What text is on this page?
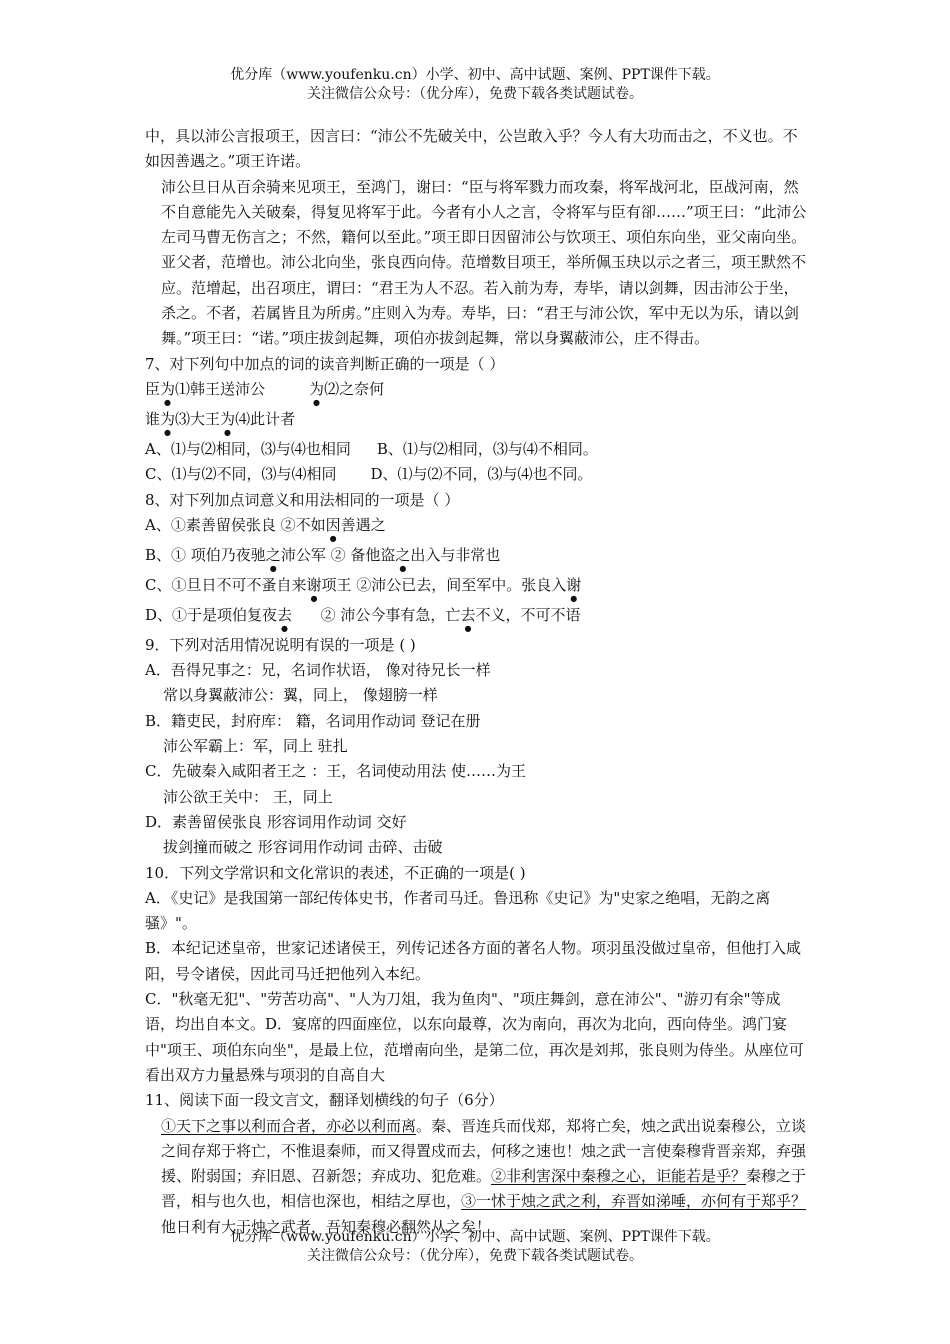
优分库（www.youfenku.cn）小学、初中、高中试题、案例、PPT课件下载。
关注微信公众号：（优分库），免费下载各类试题试卷。

中，具以沛公言报项王，因言曰：“沛公不先破关中，公岂敢入乎？今人有大功而击之，不义也。不如因善遇之。”项王许诺。

沛公旦日从百余骑来见项王，至鸿门，谢曰：“臣与将军戮力而攻秦，将军战河北，臣战河南，然不自意能先入关破秦，得复见将军于此。今者有小人之言，令将军与臣有卻……”项王曰：“此沛公左司马曹无伤言之；不然，籍何以至此。”项王即日因留沛公与饮项王、项伯东向坐，亚父南向坐。亚父者，范增也。沛公北向坐，张良西向侍。范增数目项王，举所佩玉玦以示之者三，项王默然不应。范增起，出召项庄，谓曰：“君王为人不忍。若入前为寿，寿毕，请以剑舞，因击沛公于坐，杀之。不者，若属皆且为所虏。”庄则入为寿。寿毕，曰：“君王与沛公饮，军中无以为乐，请以剑舞。”项王曰：“诺。”项庄拔剑起舞，项伯亦拔剑起舞，常以身翼蔽沛公，庄不得击。

7、对下列句中加点的词的读音判断正确的一项是（ ）

臣为⑴韩王送沛公	为⑵之奈何

谁为⑶大王为⑷此计者

A、⑴与⑵相同，⑶与⑷也相同 B、⑴与⑵相同，⑶与⑷不相同。

C、⑴与⑵不同，⑶与⑷相同 D、⑴与⑵不同，⑶与⑷也不同。

8、对下列加点词意义和用法相同的一项是（ ）

A、①素善留侯张良 ②不如因善遇之

B、① 项伯乃夜驰之沛公军 ② 备他盗之出入与非常也

C、①旦日不可不蚤自来谢项王 ②沛公已去，间至军中。张良入谢

D、①于是项伯复夜去      ② 沛公今事有急，亡去不义，不可不语

9．下列对活用情况说明有误的一项是 ( )

A．吾得兄事之：兄，名词作状语， 像对待兄长一样

常以身翼蔽沛公：翼，同上， 像翅膀一样

B．籍吏民，封府库： 籍，名词用作动词 登记在册

沛公军霸上：军，同上 驻扎

C．先破秦入咸阳者王之 ：王，名词使动用法 使……为王

沛公欲王关中： 王，同上

D．素善留侯张良 形容词用作动词 交好

拔剑撞而破之 形容词用作动词 击碎、击破

10．下列文学常识和文化常识的表述，不正确的一项是( )

A．《史记》是我国第一部纪传体史书，作者司马迁。鲁迅称《史记》为"史家之绝唱，无韵之离骚》"。

B．本纪记述皇帝，世家记述诸侯王，列传记述各方面的著名人物。项羽虽没做过皇帝，但他打入咸阳，号令诸侯，因此司马迁把他列入本纪。

C．"秋毫无犯"、"劳苦功高"、"人为刀俎，我为鱼肉"、"项庄舞剑，意在沛公"、"游刃有余"等成语，均出自本文。D．宴席的四面座位，以东向最尊，次为南向，再次为北向，西向侍坐。鸿门宴中"项王、项伯东向坐"，是最上位，范增南向坐，是第二位，再次是刘邦，张良则为侍坐。从座位可看出双方力量悬殊与项羽的自高自大

11、阅读下面一段文言文，翻译划横线的句子（6分）

①天下之事以利而合者，亦必以利而离。秦、晋连兵而伐郑，郑将亡矣，烛之武出说秦穆公，立谈之间存郑于将亡，不惟退秦师，而又得置戍而去，何移之速也！烛之武一言使秦穆背晋亲郑，弃强援、附弱国；弃旧恩、召新怨；弃成功、犯危难。②非利害深中秦穆之心，讵能若是乎？秦穆之于晋，相与也久也，相信也深也，相结之厚也，③一怵于烛之武之利，弃晋如涕唾，亦何有于郑乎？他日利有大于烛之武者，吾知秦穆必翻然从之矣！

优分库（www.youfenku.cn）小学、初中、高中试题、案例、PPT课件下载。
关注微信公众号：（优分库），免费下载各类试题试卷。
